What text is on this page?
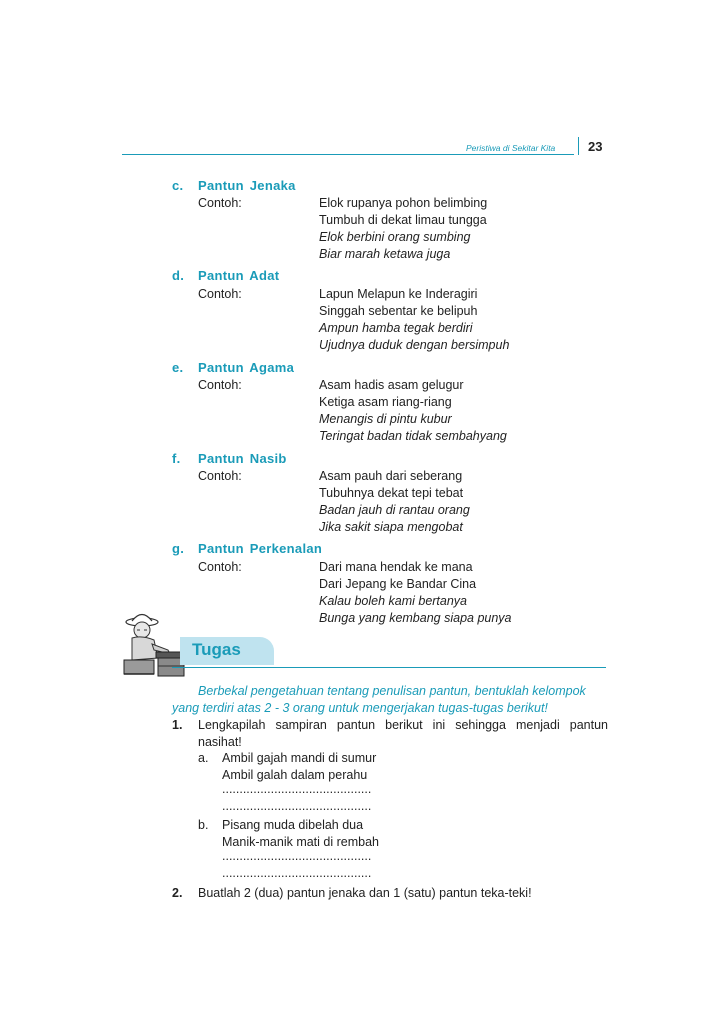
Peristiwa di Sekitar Kita	23
c. Pantun Jenaka
Contoh:	Elok rupanya pohon belimbing
Tumbuh di dekat limau tungga
Elok berbini orang sumbing
Biar marah ketawa juga
d. Pantun Adat
Contoh:	Lapun Melapun ke Inderagiri
Singgah sebentar ke belipuh
Ampun hamba tegak berdiri
Ujudnya duduk dengan bersimpuh
e. Pantun Agama
Contoh:	Asam hadis asam gelugur
Ketiga asam riang-riang
Menangis di pintu kubur
Teringat badan tidak sembahyang
f. Pantun Nasib
Contoh:	Asam pauh dari seberang
Tubuhnya dekat tepi tebat
Badan jauh di rantau orang
Jika sakit siapa mengobat
g. Pantun Perkenalan
Contoh:	Dari mana hendak ke mana
Dari Jepang ke Bandar Cina
Kalau boleh kami bertanya
Bunga yang kembang siapa punya
Tugas
Berbekal pengetahuan tentang penulisan pantun, bentuklah kelompok yang terdiri atas 2 - 3 orang untuk mengerjakan tugas-tugas berikut!
1. Lengkapilah sampiran pantun berikut ini sehingga menjadi pantun nasihat!
a. Ambil gajah mandi di sumur
Ambil galah dalam perahu
...........................................
...........................................
b. Pisang muda dibelah dua
Manik-manik mati di rembah
...........................................
...........................................
2. Buatlah 2 (dua) pantun jenaka dan 1 (satu) pantun teka-teki!
